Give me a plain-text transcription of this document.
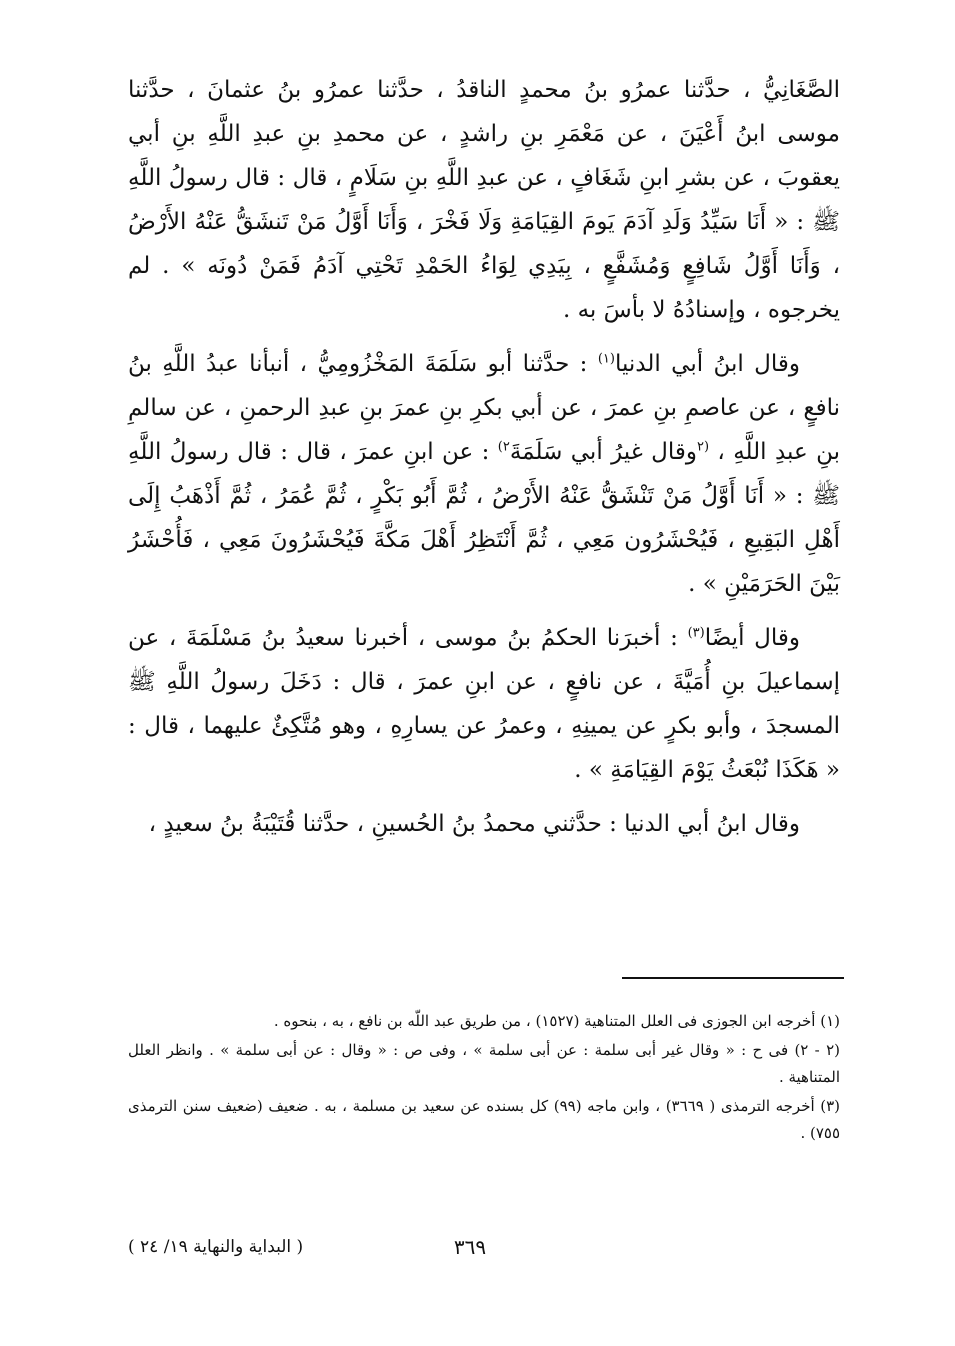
الصَّغَانِيُّ ، حدَّثنا عمرُو بنُ محمدٍ الناقدُ ، حدَّثنا عمرُو بنُ عثمانَ ، حدَّثنا موسى ابنُ أَعْيَنَ ، عن مَعْمَرِ بنِ راشدٍ ، عن محمدِ بنِ عبدِ اللَّهِ بنِ أبي يعقوبَ ، عن بشرِ ابنِ شَغَافٍ ، عن عبدِ اللَّهِ بنِ سَلَامٍ ، قال : قال رسولُ اللَّهِ ﷺ : « أَنَا سَيِّدُ وَلَدِ آدَمَ يَومَ القِيَامَةِ وَلَا فَخْرَ ، وَأَنَا أَوَّلُ مَنْ تَنشَقُّ عَنْهُ الأَرْضُ ، وَأَنَا أَوَّلُ شَافِعٍ وَمُشَفَّعٍ ، بِيَدِي لِوَاءُ الحَمْدِ تَحْتِي آدَمُ فَمَنْ دُونَه » . لم يخرجوه ، وإسنادُهُ لا بأسَ به .

وقال ابنُ أبي الدنيا$^{(١)}$ : حدَّثنا أبو سَلَمَةَ المَخْزُومِيُّ ، أنبأنا عبدُ اللَّهِ بنُ نافعٍ ، عن عاصمِ بنِ عمرَ ، عن أبي بكرِ بنِ عمرَ بنِ عبدِ الرحمنِ ، عن سالمِ بنِ عبدِ اللَّهِ ، $^{(٢}$وقال غيرُ أبي سَلَمَةَ$^{٢)}$ : عن ابنِ عمرَ ، قال : قال رسولُ اللَّهِ ﷺ : « أَنَا أَوَّلُ مَنْ تَنْشَقُّ عَنْهُ الأَرْضُ ، ثُمَّ أَبُو بَكْرٍ ، ثُمَّ عُمَرُ ، ثُمَّ أَذْهَبُ إِلَى أَهْلِ البَقِيعِ ، فَيُحْشَرُون مَعِي ، ثُمَّ أَنْتَظِرُ أَهْلَ مَكَّةَ فَيُحْشَرُونَ مَعِي ، فَأُحْشَرُ بَيْنَ الحَرَمَيْنِ » .

وقال أيضًا$^{(٣)}$ : أخبرَنا الحكمُ بنُ موسى ، أخبرنا سعيدُ بنُ مَسْلَمَةَ ، عن إسماعيلَ بنِ أُمَيَّةَ ، عن نافعٍ ، عن ابنِ عمرَ ، قال : دَخَلَ رسولُ اللَّهِ ﷺ المسجدَ ، وأبو بكرٍ عن يمينِهِ ، وعمرُ عن يسارِهِ ، وهو مُتَّكِئٌ عليهما ، قال : « هَكَذَا نُبْعَثُ يَوْمَ القِيَامَةِ » .

وقال ابنُ أبي الدنيا : حدَّثني محمدُ بنُ الحُسينِ ، حدَّثنا قُتَيْبَةُ بنُ سعيدٍ ،

(١) أخرجه ابن الجوزى فى العلل المتناهية (١٥٢٧) ، من طريق عبد اللّه بن نافع ، به ، بنحوه .

(٢ - ٢) فى ح : « وقال غير أبى سلمة : عن أبى سلمة » ، وفى ص : « وقال : عن أبى سلمة » . وانظر العلل المتناهية .

(٣) أخرجه الترمذى ( ٣٦٦٩) ، وابن ماجه (٩٩) كل بسنده عن سعيد بن مسلمة ، به . ضعيف (ضعيف سنن الترمذى ٧٥٥) .

٣٦٩
( البداية والنهاية ١٩/ ٢٤ )
